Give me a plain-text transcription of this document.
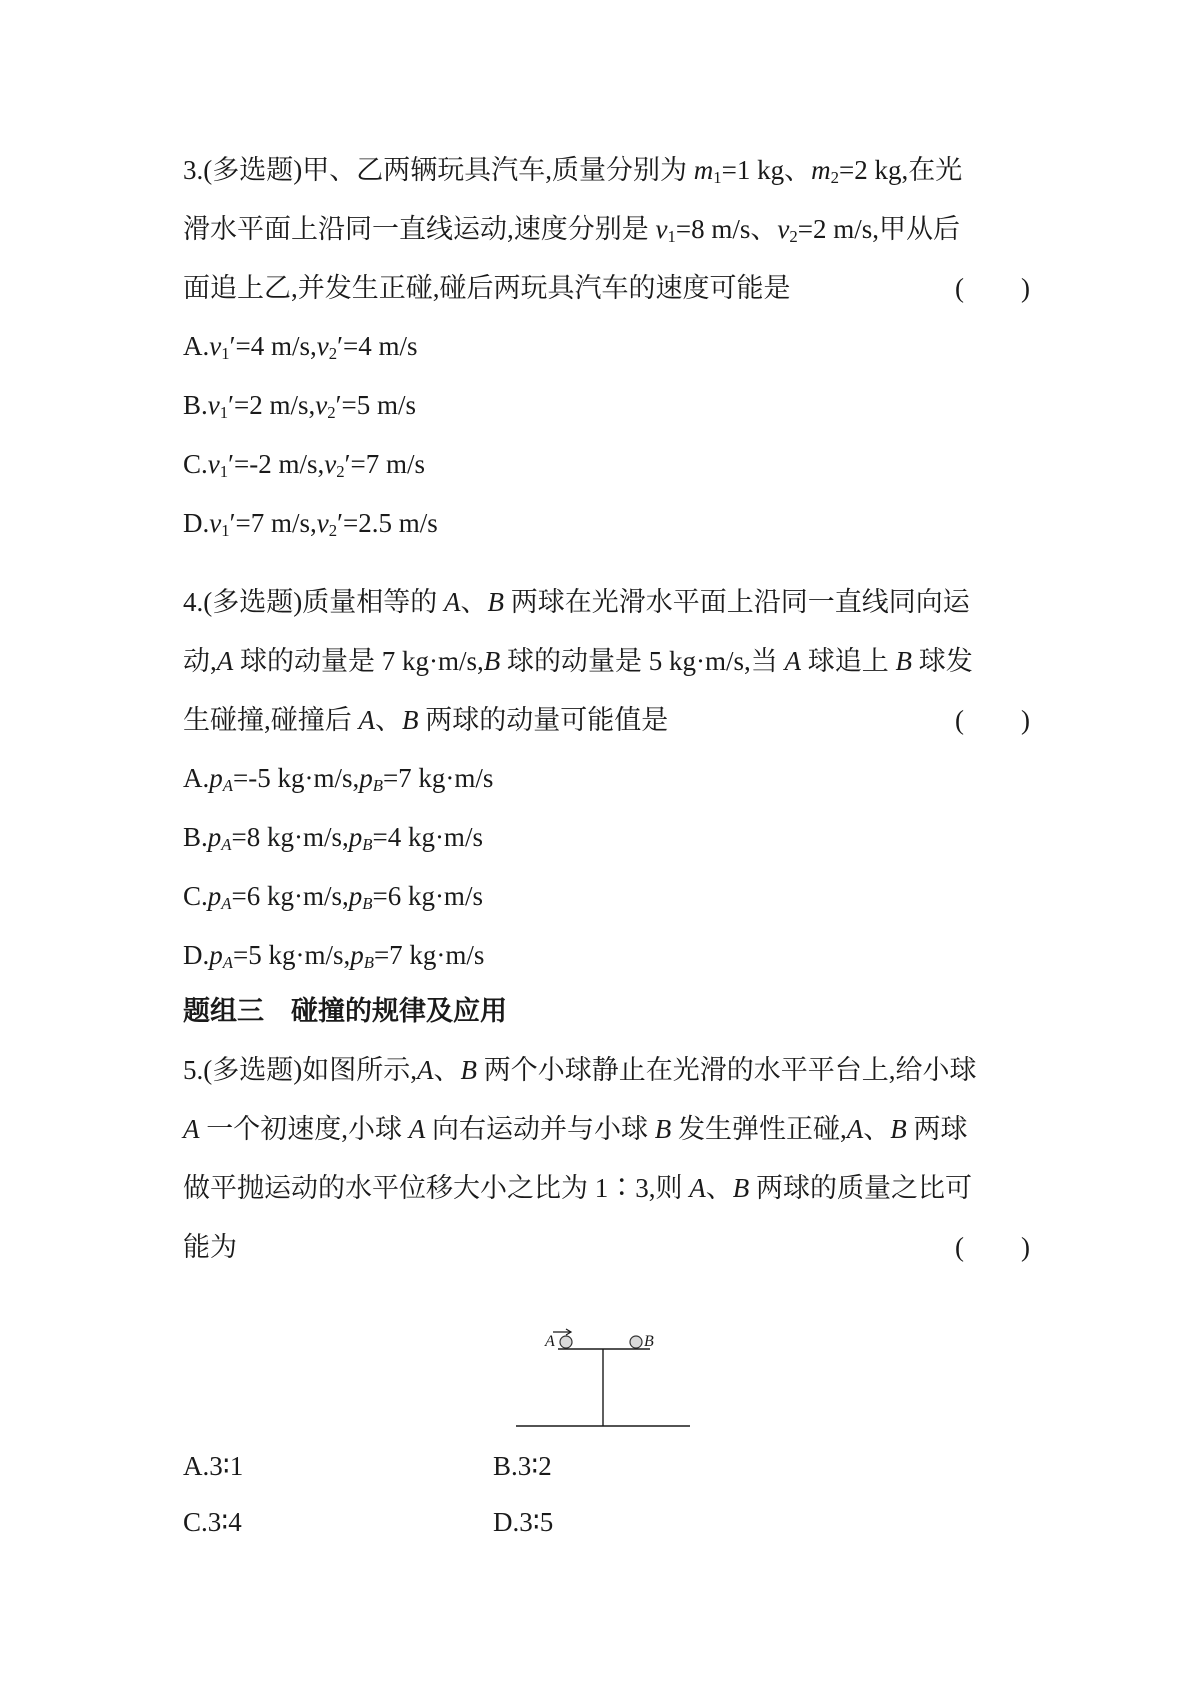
3.(多选题)甲、乙两辆玩具汽车,质量分别为 $m_1=1$ kg、$m_2=2$ kg,在光
滑水平面上沿同一直线运动,速度分别是 $v_1=8$ m/s、$v_2=2$ m/s,甲从后
面追上乙,并发生正碰,碰后两玩具汽车的速度可能是	( )
$A.v_1'=4$ $m/s,v_2'=4$ m/s
$B.v_1'=2$ $m/s,v_2'=5$ m/s
$C.v_1'=-2$ $m/s,v_2'=7$ m/s
$D.v_1'=7$ $m/s,v_2'=2.5$ m/s
4.(多选题)质量相等的 A、B 两球在光滑水平面上沿同一直线同向运
动,A 球的动量是 7 kg·m/s,B 球的动量是 5 kg·m/s,当 A 球追上 B 球发
生碰撞,碰撞后 A、B 两球的动量可能值是	( )
$A.p_A=-5$ $kg\cdot m/s,p_B=7$ kg·m/s
$B.p_A=8$ $kg\cdot m/s,p_B=4$ kg·m/s
$C.p_A=6$ $kg\cdot m/s,p_B=6$ kg·m/s
$D.p_A=5$ $kg\cdot m/s,p_B=7$ kg·m/s
题组三　碰撞的规律及应用
5.(多选题)如图所示,A、B 两个小球静止在光滑的水平平台上,给小球
A 一个初速度,小球 A 向右运动并与小球 B 发生弹性正碰,A、B 两球
做平抛运动的水平位移大小之比为 1∶3,则 A、B 两球的质量之比可
能为	( )
A	B
A.3∶1	B.3∶2
C.3∶4	D.3∶5
